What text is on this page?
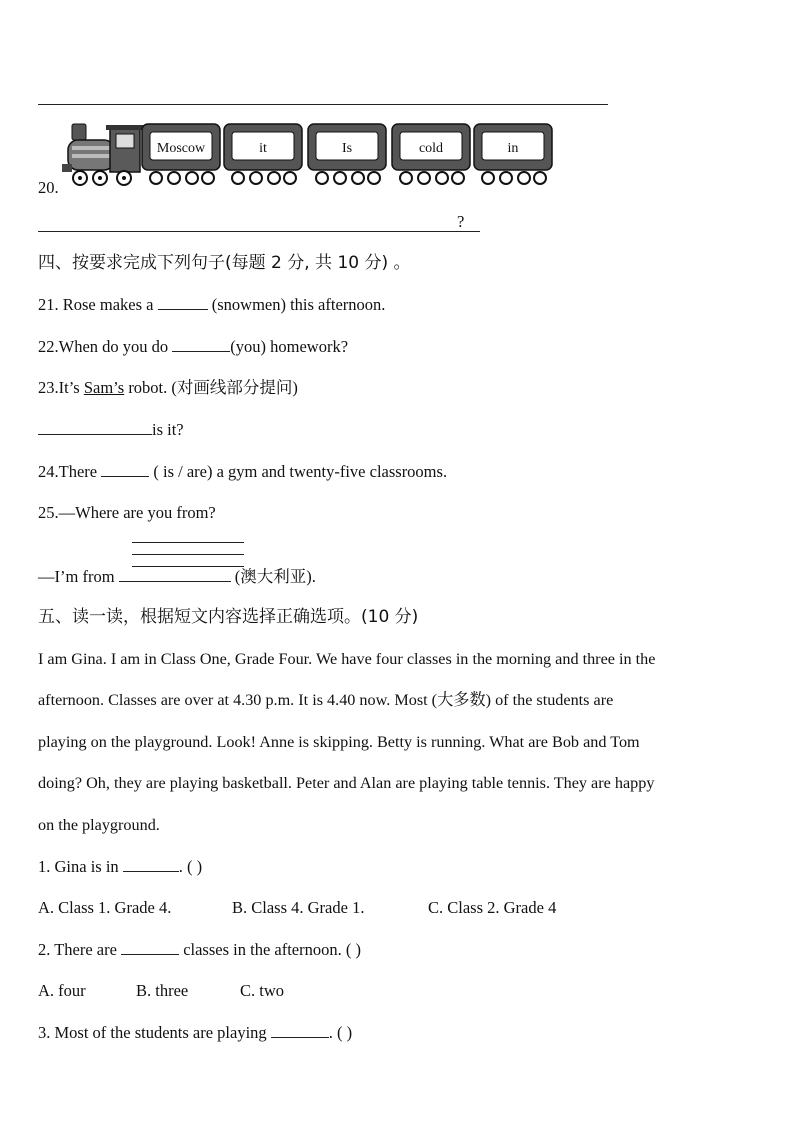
20.
Moscow	it	Is	cold	in
?
四、按要求完成下列句子(每题 2 分, 共 10 分) 。
21. Rose makes a	(snowmen) this afternoon.
22.When do you do	(you) homework?
23.It’s Sam’s robot. (对画线部分提问)
is it?
24.There	( is / are) a gym and twenty-five classrooms.
25.—Where are you from?
—I’m from	(澳大利亚).
五、读一读，根据短文内容选择正确选项。(10 分)
I am Gina. I am in Class One, Grade Four. We have four classes in the morning and three in the
afternoon. Classes are over at 4.30 p.m. It is 4.40 now. Most (大多数) of the students are
playing on the playground. Look! Anne is skipping. Betty is running. What are Bob and Tom
doing? Oh, they are playing basketball. Peter and Alan are playing table tennis. They are happy
on the playground.
1. Gina is in	. ( )
A. Class 1. Grade 4.	B. Class 4. Grade 1.	C. Class 2. Grade 4
2. There are	classes in the afternoon. ( )
A. four	B. three	C. two
3. Most of the students are playing	. ( )
